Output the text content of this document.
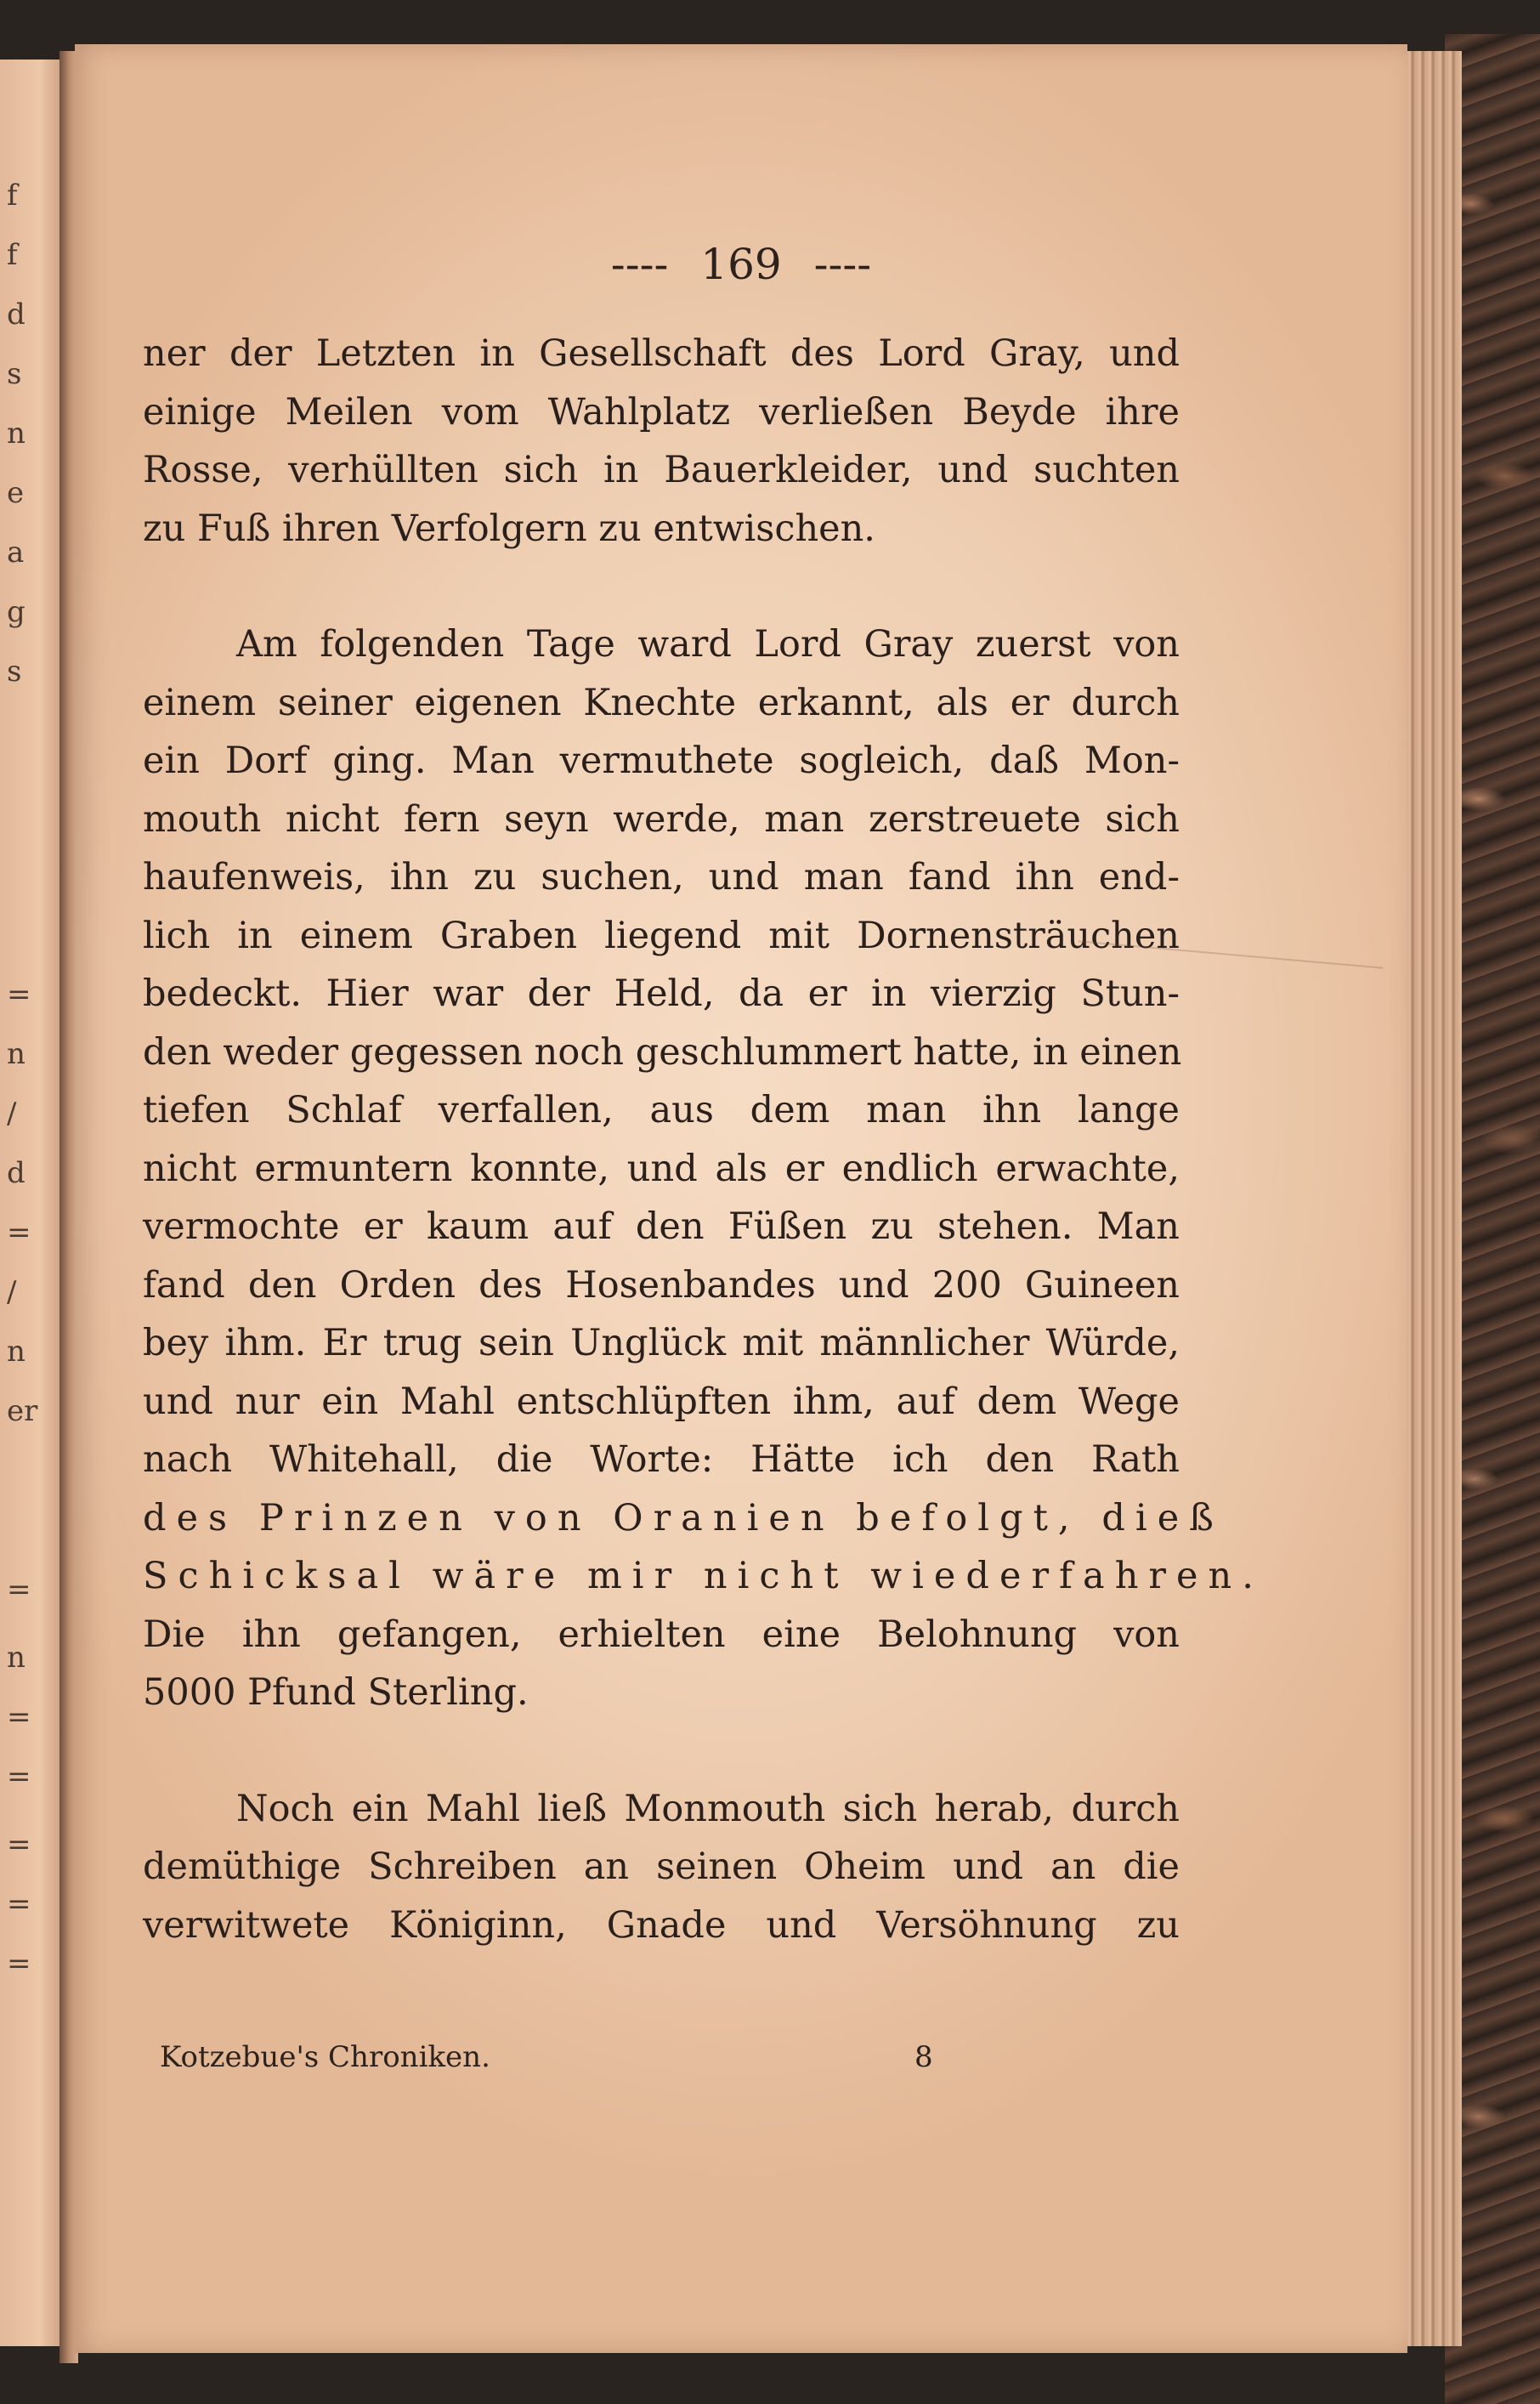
f
f
d
s
n
e
a
g
s
=
n
/
d
=
/
n
er
=
n
=
=
=
=
=
---- 169 ----
ner der Letzten in Gesellschaft des Lord Gray, und
einige Meilen vom Wahlplatz verließen Beyde ihre
Rosse, verhüllten sich in Bauerkleider, und suchten
zu Fuß ihren Verfolgern zu entwischen.
Am folgenden Tage ward Lord Gray zuerst von
einem seiner eigenen Knechte erkannt, als er durch
ein Dorf ging. Man vermuthete sogleich, daß Mon-
mouth nicht fern seyn werde, man zerstreuete sich
haufenweis, ihn zu suchen, und man fand ihn end-
lich in einem Graben liegend mit Dornensträuchen
bedeckt. Hier war der Held, da er in vierzig Stun-
den weder gegessen noch geschlummert hatte, in einen
tiefen Schlaf verfallen, aus dem man ihn lange
nicht ermuntern konnte, und als er endlich erwachte,
vermochte er kaum auf den Füßen zu stehen. Man
fand den Orden des Hosenbandes und 200 Guineen
bey ihm. Er trug sein Unglück mit männlicher Würde,
und nur ein Mahl entschlüpften ihm, auf dem Wege
nach Whitehall, die Worte: Hätte ich den Rath
des Prinzen von Oranien befolgt, dieß
Schicksal wäre mir nicht wiederfahren.
Die ihn gefangen, erhielten eine Belohnung von
5000 Pfund Sterling.
Noch ein Mahl ließ Monmouth sich herab, durch
demüthige Schreiben an seinen Oheim und an die
verwitwete Königinn, Gnade und Versöhnung zu
Kotzebue's Chroniken.	8
